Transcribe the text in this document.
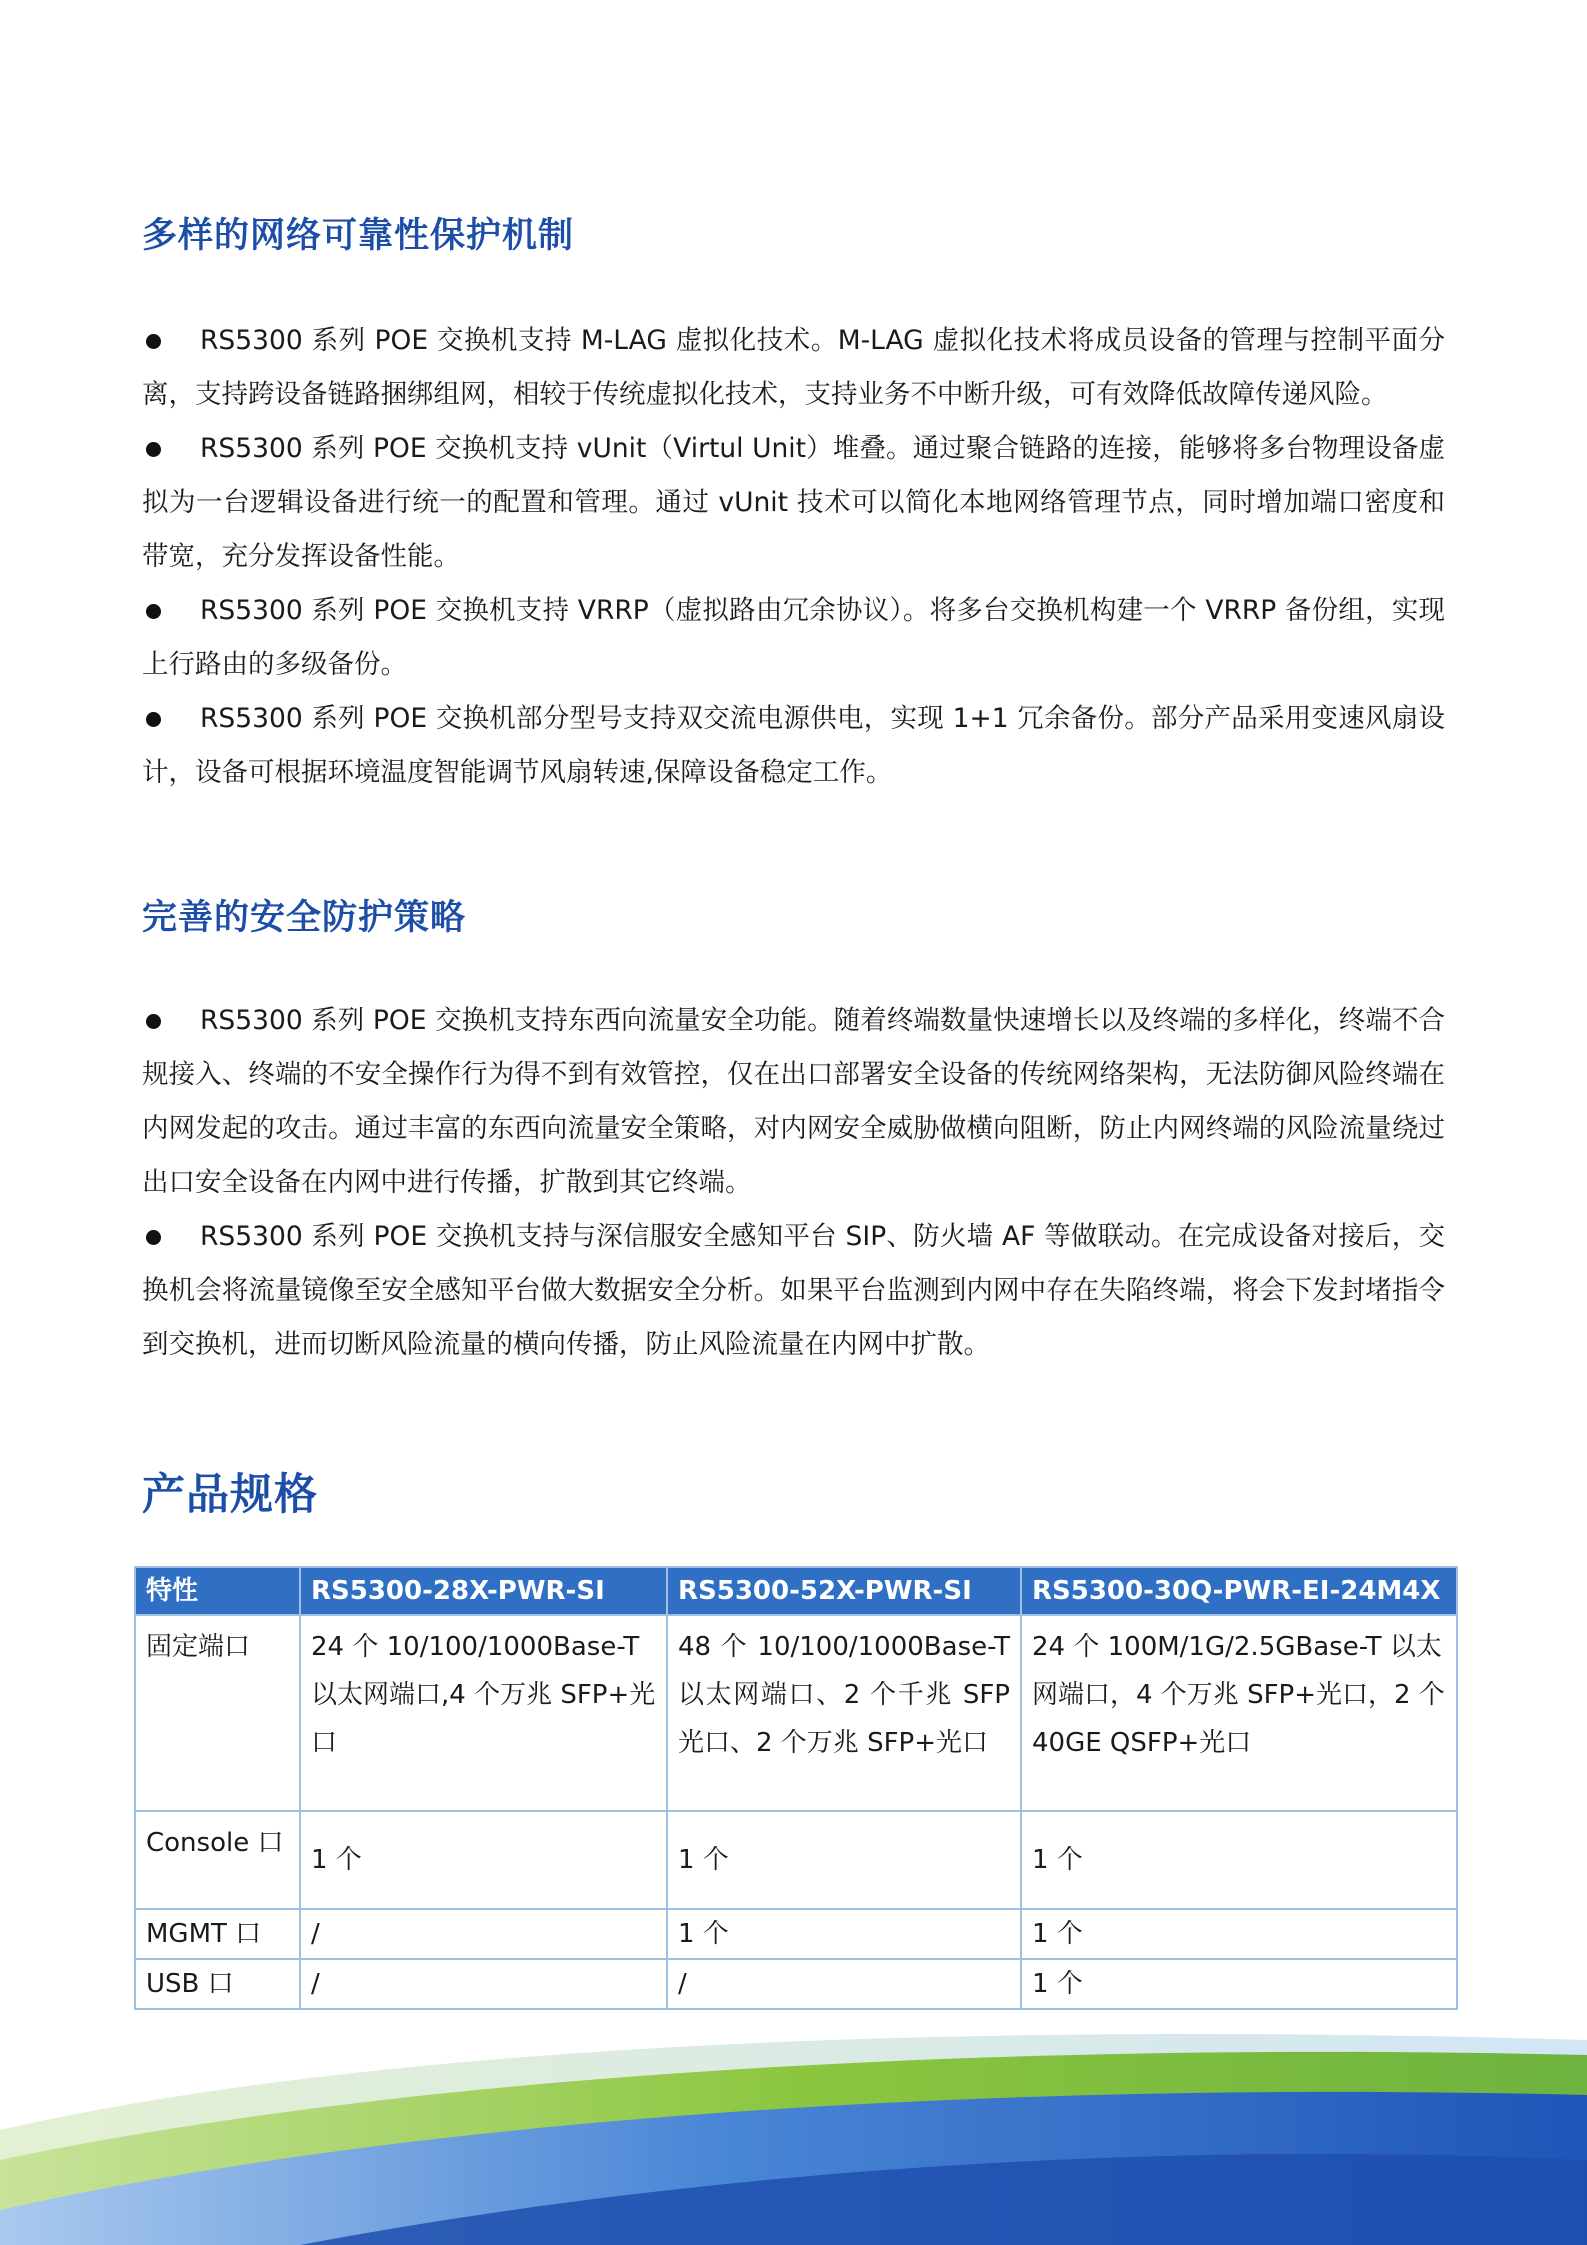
多样的网络可靠性保护机制
RS5300 系列 POE 交换机支持 M-LAG 虚拟化技术。M-LAG 虚拟化技术将成员设备的管理与控制平面分离，支持跨设备链路捆绑组网，相较于传统虚拟化技术，支持业务不中断升级，可有效降低故障传递风险。
RS5300 系列 POE 交换机支持 vUnit（Virtul Unit）堆叠。通过聚合链路的连接，能够将多台物理设备虚拟为一台逻辑设备进行统一的配置和管理。通过 vUnit 技术可以简化本地网络管理节点，同时增加端口密度和带宽，充分发挥设备性能。
RS5300 系列 POE 交换机支持 VRRP（虚拟路由冗余协议）。将多台交换机构建一个 VRRP 备份组，实现上行路由的多级备份。
RS5300 系列 POE 交换机部分型号支持双交流电源供电，实现 1+1 冗余备份。部分产品采用变速风扇设计，设备可根据环境温度智能调节风扇转速,保障设备稳定工作。
完善的安全防护策略
RS5300 系列 POE 交换机支持东西向流量安全功能。随着终端数量快速增长以及终端的多样化，终端不合规接入、终端的不安全操作行为得不到有效管控，仅在出口部署安全设备的传统网络架构，无法防御风险终端在内网发起的攻击。通过丰富的东西向流量安全策略，对内网安全威胁做横向阻断，防止内网终端的风险流量绕过出口安全设备在内网中进行传播，扩散到其它终端。
RS5300 系列 POE 交换机支持与深信服安全感知平台 SIP、防火墙 AF 等做联动。在完成设备对接后，交换机会将流量镜像至安全感知平台做大数据安全分析。如果平台监测到内网中存在失陷终端，将会下发封堵指令到交换机，进而切断风险流量的横向传播，防止风险流量在内网中扩散。
产品规格
特性	RS5300-28X-PWR-SI	RS5300-52X-PWR-SI	RS5300-30Q-PWR-EI-24M4X
固定端口	24 个 10/100/1000Base-T 以太网端口,4 个万兆 SFP+光口	48 个 10/100/1000Base-T 以太网端口、2 个千兆 SFP 光口、2 个万兆 SFP+光口	24 个 100M/1G/2.5GBase-T 以太网端口，4 个万兆 SFP+光口，2 个 40GE QSFP+光口
Console 口	1 个	1 个	1 个
MGMT 口	/	1 个	1 个
USB 口	/	/	1 个
